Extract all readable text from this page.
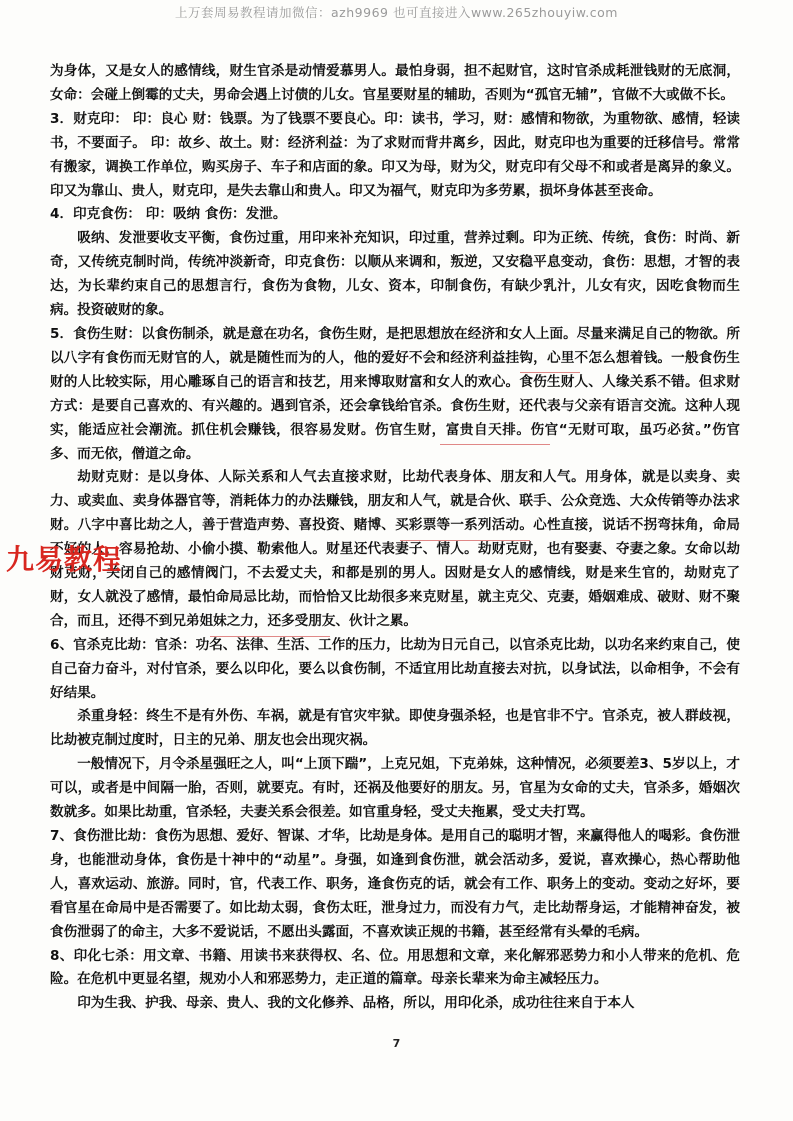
上万套周易教程请加微信：azh9969 也可直接进入www.265zhouyiw.com

为身体，又是女人的感情线，财生官杀是动情爱慕男人。最怕身弱，担不起财官，这时官杀成耗泄钱财的无底洞，女命：会碰上倒霉的丈夫，男命会遇上讨债的儿女。官星要财星的辅助，否则为“孤官无辅”，官做不大或做不长。

3．财克印： 印：良心 财：钱票。为了钱票不要良心。印：读书，学习，财：感情和物欲，为重物欲、感情，轻读书，不要面子。 印：故乡、故土。财：经济利益：为了求财而背井离乡，因此，财克印也为重要的迁移信号。常常有搬家，调换工作单位，购买房子、车子和店面的象。印又为母，财为父，财克印有父母不和或者是离异的象义。印又为靠山、贵人，财克印，是失去靠山和贵人。印又为福气，财克印为多劳累，损坏身体甚至丧命。

4．印克食伤： 印：吸纳 食伤：发泄。

吸纳、发泄要收支平衡，食伤过重，用印来补充知识，印过重，营养过剩。印为正统、传统，食伤：时尚、新奇，又传统克制时尚，传统冲淡新奇，印克食伤：以顺从来调和，叛逆，又安稳平息变动，食伤：思想，才智的表达，为长辈约束自己的思想言行，食伤为食物，儿女、资本，印制食伤，有缺少乳汁，儿女有灾，因吃食物而生病。投资破财的象。

5．食伤生财：以食伤制杀，就是意在功名，食伤生财，是把思想放在经济和女人上面。尽量来满足自己的物欲。所以八字有食伤而无财官的人，就是随性而为的人，他的爱好不会和经济利益挂钩，心里不怎么想着钱。一般食伤生财的人比较实际，用心雕琢自己的语言和技艺，用来博取财富和女人的欢心。食伤生财人、人缘关系不错。但求财方式：是要自己喜欢的、有兴趣的。遇到官杀，还会拿钱给官杀。食伤生财，还代表与父亲有语言交流。这种人现实，能适应社会潮流。抓住机会赚钱，很容易发财。伤官生财，富贵自天排。伤官“无财可取，虽巧必贫。”伤官多、而无依，僧道之命。

劫财克财：是以身体、人际关系和人气去直接求财，比劫代表身体、朋友和人气。用身体，就是以卖身、卖力、或卖血、卖身体器官等，消耗体力的办法赚钱，朋友和人气，就是合伙、联手、公众竞选、大众传销等办法求财。八字中喜比劫之人，善于营造声势、喜投资、赌博、买彩票等一系列活动。心性直接，说话不拐弯抹角，命局不好的人，容易抢劫、小偷小摸、勒索他人。财星还代表妻子、情人。劫财克财，也有娶妻、夺妻之象。女命以劫财克财，关闭自己的感情阀门，不去爱丈夫，和都是别的男人。因财是女人的感情线，财是来生官的，劫财克了财，女人就没了感情，最怕命局忌比劫，而恰恰又比劫很多来克财星，就主克父、克妻，婚姻难成、破财、财不聚合，而且，还得不到兄弟姐妹之力，还多受朋友、伙计之累。

6、官杀克比劫：官杀：功名、法律、生活、工作的压力，比劫为日元自己，以官杀克比劫，以功名来约束自己，使自己奋力奋斗，对付官杀，要么以印化，要么以食伤制，不适宜用比劫直接去对抗，以身试法，以命相争，不会有好结果。

杀重身轻：终生不是有外伤、车祸，就是有官灾牢狱。即使身强杀轻，也是官非不宁。官杀克，被人群歧视，比劫被克制过度时，日主的兄弟、朋友也会出现灾祸。

一般情况下，月令杀星强旺之人，叫“上顶下踹”，上克兄姐，下克弟妹，这种情况，必须要差3、5岁以上，才可以，或者是中间隔一胎，否则，就要克。有时，还祸及他要好的朋友。另，官星为女命的丈夫，官杀多，婚姻次数就多。如果比劫重，官杀轻，夫妻关系会很差。如官重身轻，受丈夫拖累，受丈夫打骂。

7、食伤泄比劫：食伤为思想、爱好、智谋、才华，比劫是身体。是用自己的聪明才智，来赢得他人的喝彩。食伤泄身，也能泄动身体，食伤是十神中的“动星”。身强，如逢到食伤泄，就会活动多，爱说，喜欢操心，热心帮助他人，喜欢运动、旅游。同时，官，代表工作、职务，逢食伤克的话，就会有工作、职务上的变动。变动之好坏，要看官星在命局中是否需要了。如比劫太弱，食伤太旺，泄身过力，而没有力气，走比劫帮身运，才能精神奋发，被食伤泄弱了的命主，大多不爱说话，不愿出头露面，不喜欢读正规的书籍，甚至经常有头晕的毛病。

8、印化七杀：用文章、书籍、用读书来获得权、名、位。用思想和文章，来化解邪恶势力和小人带来的危机、危险。在危机中更显名望，规劝小人和邪恶势力，走正道的篇章。母亲长辈来为命主减轻压力。

印为生我、护我、母亲、贵人、我的文化修养、品格，所以，用印化杀，成功往往来自于本人

九易教程
7
